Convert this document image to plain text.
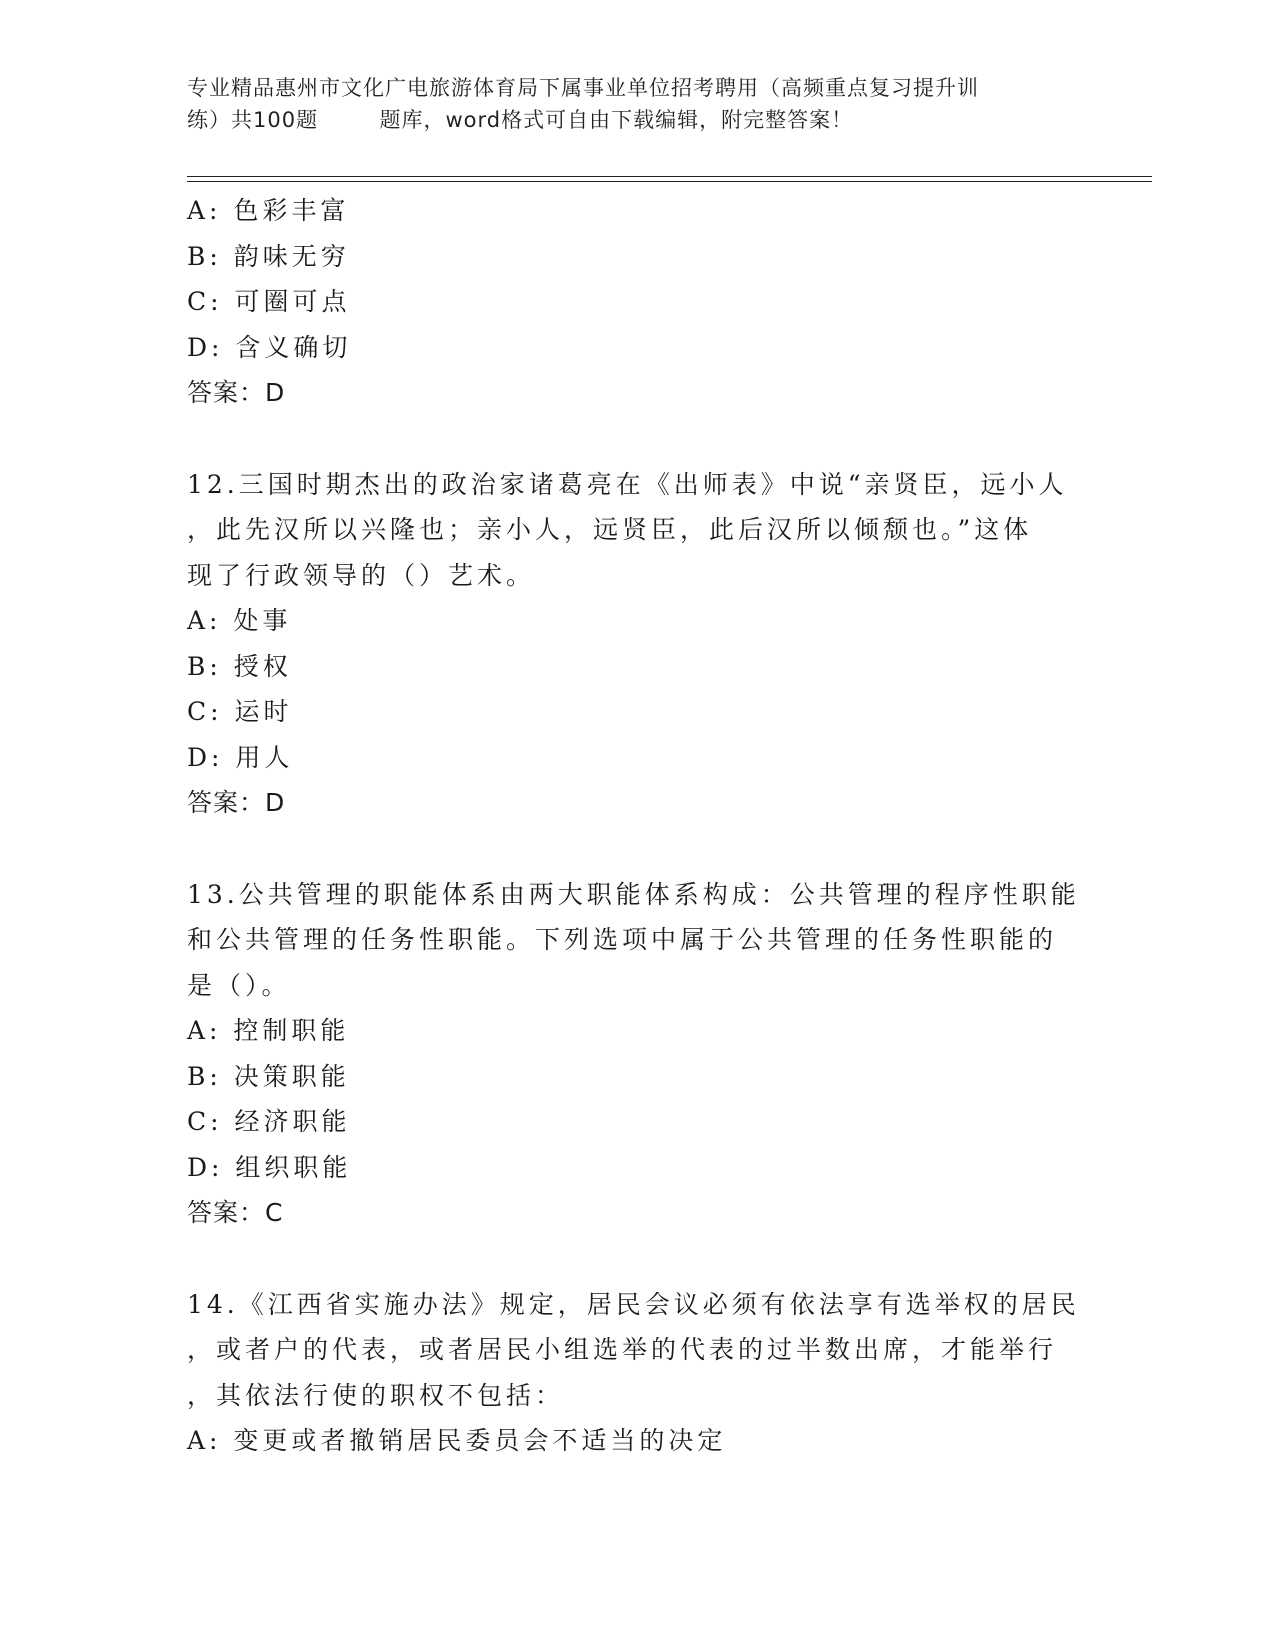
专业精品惠州市文化广电旅游体育局下属事业单位招考聘用（高频重点复习提升训
练）共100题        题库，word格式可自由下载编辑，附完整答案！
A: 色彩丰富
B: 韵味无穷
C: 可圈可点
D: 含义确切
答案：D
12.三国时期杰出的政治家诸葛亮在《出师表》中说“亲贤臣，远小人
，此先汉所以兴隆也；亲小人，远贤臣，此后汉所以倾颓也。”这体
现了行政领导的（）艺术。
A: 处事
B: 授权
C: 运时
D: 用人
答案：D
13.公共管理的职能体系由两大职能体系构成：公共管理的程序性职能
和公共管理的任务性职能。下列选项中属于公共管理的任务性职能的
是（）。
A: 控制职能
B: 决策职能
C: 经济职能
D: 组织职能
答案：C
14.《江西省实施办法》规定，居民会议必须有依法享有选举权的居民
，或者户的代表，或者居民小组选举的代表的过半数出席，才能举行
，其依法行使的职权不包括：
A: 变更或者撤销居民委员会不适当的决定
